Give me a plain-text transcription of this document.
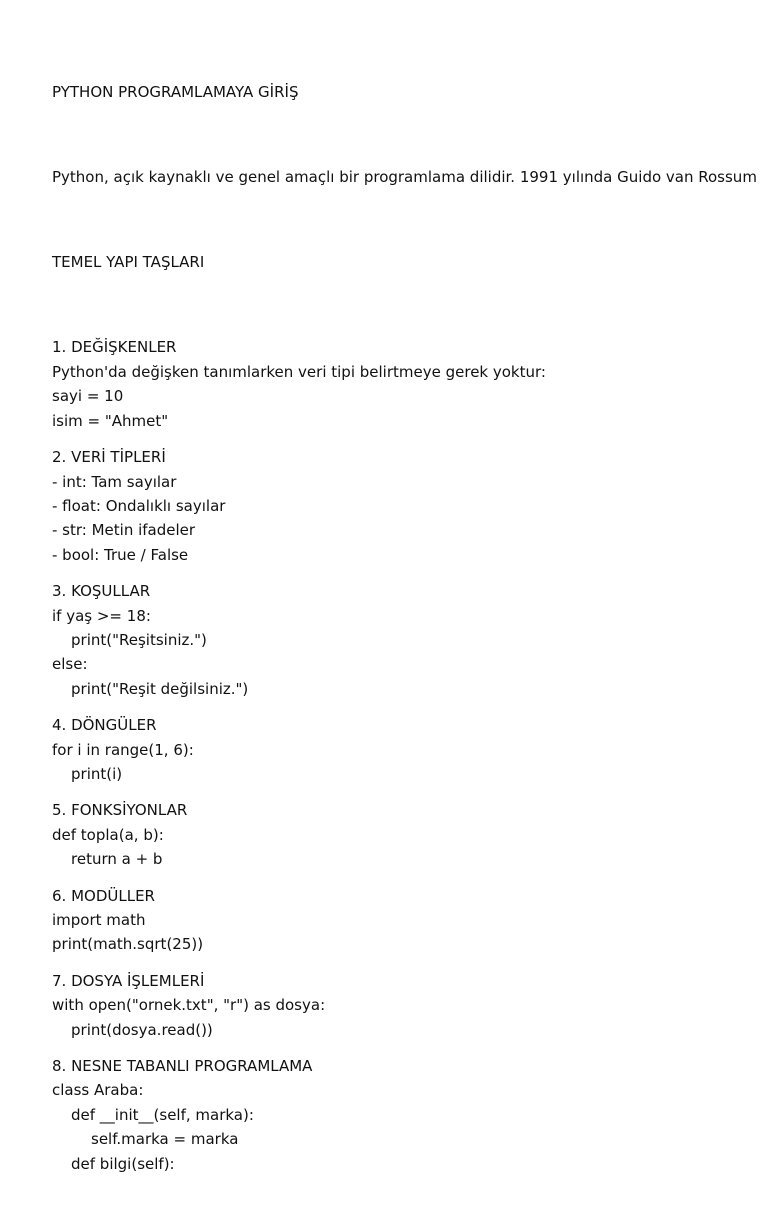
PYTHON PROGRAMLAMAYA GİRİŞ

Python, açık kaynaklı ve genel amaçlı bir programlama dilidir. 1991 yılında Guido van Rossum

TEMEL YAPI TAŞLARI

1. DEĞİŞKENLER
Python'da değişken tanımlarken veri tipi belirtmeye gerek yoktur:
sayi = 10
isim = "Ahmet"
2. VERİ TİPLERİ
- int: Tam sayılar
- float: Ondalıklı sayılar
- str: Metin ifadeler
- bool: True / False
3. KOŞULLAR
if yaş >= 18:
print("Reşitsiniz.")
else:
print("Reşit değilsiniz.")
4. DÖNGÜLER
for i in range(1, 6):
print(i)
5. FONKSİYONLAR
def topla(a, b):
return a + b
6. MODÜLLER
import math
print(math.sqrt(25))
7. DOSYA İŞLEMLERİ
with open("ornek.txt", "r") as dosya:
print(dosya.read())
8. NESNE TABANLI PROGRAMLAMA
class Araba:
def __init__(self, marka):
self.marka = marka
def bilgi(self):
